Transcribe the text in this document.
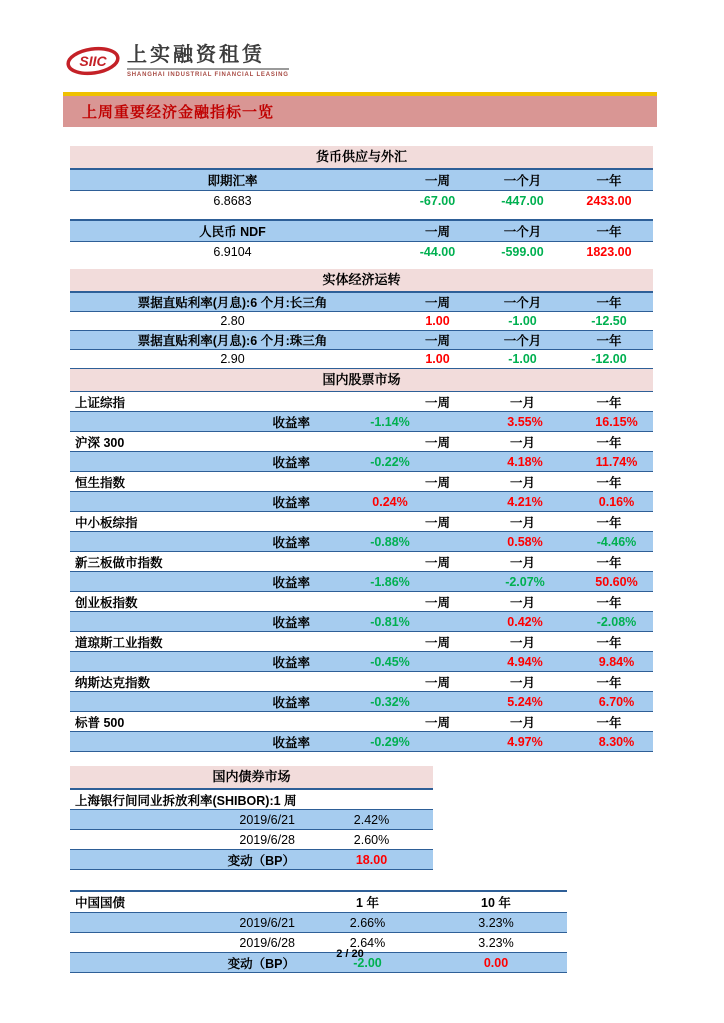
SIIC 上实融资租赁
SHANGHAI INDUSTRIAL FINANCIAL LEASING
上周重要经济金融指标一览
货币供应与外汇
即期汇率	一周	一个月	一年
6.8683	-67.00	-447.00	2433.00
人民币 NDF	一周	一个月	一年
6.9104	-44.00	-599.00	1823.00
实体经济运转
票据直贴利率(月息):6 个月:长三角	一周	一个月	一年
2.80	1.00	-1.00	-12.50
票据直贴利率(月息):6 个月:珠三角	一周	一个月	一年
2.90	1.00	-1.00	-12.00
国内股票市场
上证综指	一周	一月	一年
收益率	-1.14%	3.55%	16.15%
沪深 300	一周	一月	一年
收益率	-0.22%	4.18%	11.74%
恒生指数	一周	一月	一年
收益率	0.24%	4.21%	0.16%
中小板综指	一周	一月	一年
收益率	-0.88%	0.58%	-4.46%
新三板做市指数	一周	一月	一年
收益率	-1.86%	-2.07%	50.60%
创业板指数	一周	一月	一年
收益率	-0.81%	0.42%	-2.08%
道琼斯工业指数	一周	一月	一年
收益率	-0.45%	4.94%	9.84%
纳斯达克指数	一周	一月	一年
收益率	-0.32%	5.24%	6.70%
标普 500	一周	一月	一年
收益率	-0.29%	4.97%	8.30%
国内债券市场
上海银行间同业拆放利率(SHIBOR):1 周
2019/6/21	2.42%
2019/6/28	2.60%
变动（BP）	18.00
中国国债	1 年	10 年
2019/6/21	2.66%	3.23%
2019/6/28	2.64%	3.23%
变动（BP）	-2.00	0.00
2 / 20
